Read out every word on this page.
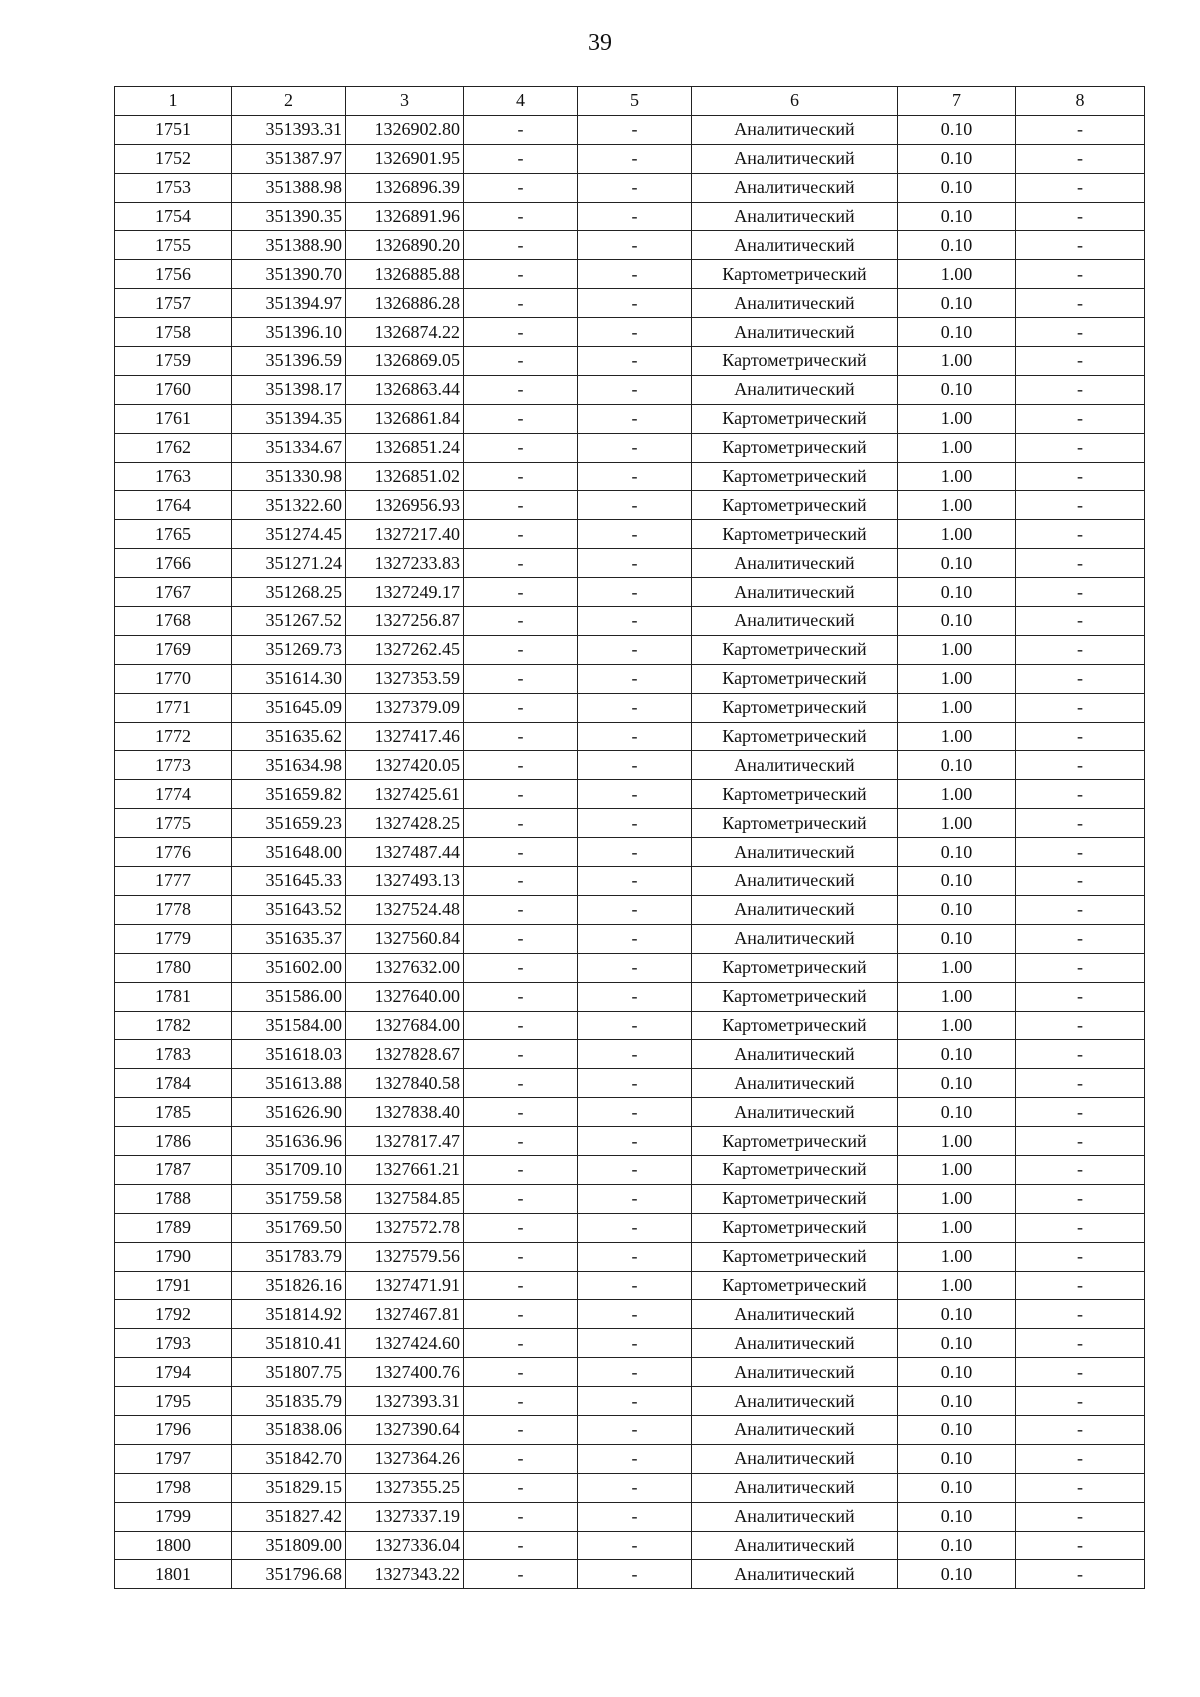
39
1	2	3	4	5	6	7	8
1751	351393.31	1326902.80	-	-	Аналитический	0.10	-
1752	351387.97	1326901.95	-	-	Аналитический	0.10	-
1753	351388.98	1326896.39	-	-	Аналитический	0.10	-
1754	351390.35	1326891.96	-	-	Аналитический	0.10	-
1755	351388.90	1326890.20	-	-	Аналитический	0.10	-
1756	351390.70	1326885.88	-	-	Картометрический	1.00	-
1757	351394.97	1326886.28	-	-	Аналитический	0.10	-
1758	351396.10	1326874.22	-	-	Аналитический	0.10	-
1759	351396.59	1326869.05	-	-	Картометрический	1.00	-
1760	351398.17	1326863.44	-	-	Аналитический	0.10	-
1761	351394.35	1326861.84	-	-	Картометрический	1.00	-
1762	351334.67	1326851.24	-	-	Картометрический	1.00	-
1763	351330.98	1326851.02	-	-	Картометрический	1.00	-
1764	351322.60	1326956.93	-	-	Картометрический	1.00	-
1765	351274.45	1327217.40	-	-	Картометрический	1.00	-
1766	351271.24	1327233.83	-	-	Аналитический	0.10	-
1767	351268.25	1327249.17	-	-	Аналитический	0.10	-
1768	351267.52	1327256.87	-	-	Аналитический	0.10	-
1769	351269.73	1327262.45	-	-	Картометрический	1.00	-
1770	351614.30	1327353.59	-	-	Картометрический	1.00	-
1771	351645.09	1327379.09	-	-	Картометрический	1.00	-
1772	351635.62	1327417.46	-	-	Картометрический	1.00	-
1773	351634.98	1327420.05	-	-	Аналитический	0.10	-
1774	351659.82	1327425.61	-	-	Картометрический	1.00	-
1775	351659.23	1327428.25	-	-	Картометрический	1.00	-
1776	351648.00	1327487.44	-	-	Аналитический	0.10	-
1777	351645.33	1327493.13	-	-	Аналитический	0.10	-
1778	351643.52	1327524.48	-	-	Аналитический	0.10	-
1779	351635.37	1327560.84	-	-	Аналитический	0.10	-
1780	351602.00	1327632.00	-	-	Картометрический	1.00	-
1781	351586.00	1327640.00	-	-	Картометрический	1.00	-
1782	351584.00	1327684.00	-	-	Картометрический	1.00	-
1783	351618.03	1327828.67	-	-	Аналитический	0.10	-
1784	351613.88	1327840.58	-	-	Аналитический	0.10	-
1785	351626.90	1327838.40	-	-	Аналитический	0.10	-
1786	351636.96	1327817.47	-	-	Картометрический	1.00	-
1787	351709.10	1327661.21	-	-	Картометрический	1.00	-
1788	351759.58	1327584.85	-	-	Картометрический	1.00	-
1789	351769.50	1327572.78	-	-	Картометрический	1.00	-
1790	351783.79	1327579.56	-	-	Картометрический	1.00	-
1791	351826.16	1327471.91	-	-	Картометрический	1.00	-
1792	351814.92	1327467.81	-	-	Аналитический	0.10	-
1793	351810.41	1327424.60	-	-	Аналитический	0.10	-
1794	351807.75	1327400.76	-	-	Аналитический	0.10	-
1795	351835.79	1327393.31	-	-	Аналитический	0.10	-
1796	351838.06	1327390.64	-	-	Аналитический	0.10	-
1797	351842.70	1327364.26	-	-	Аналитический	0.10	-
1798	351829.15	1327355.25	-	-	Аналитический	0.10	-
1799	351827.42	1327337.19	-	-	Аналитический	0.10	-
1800	351809.00	1327336.04	-	-	Аналитический	0.10	-
1801	351796.68	1327343.22	-	-	Аналитический	0.10	-
